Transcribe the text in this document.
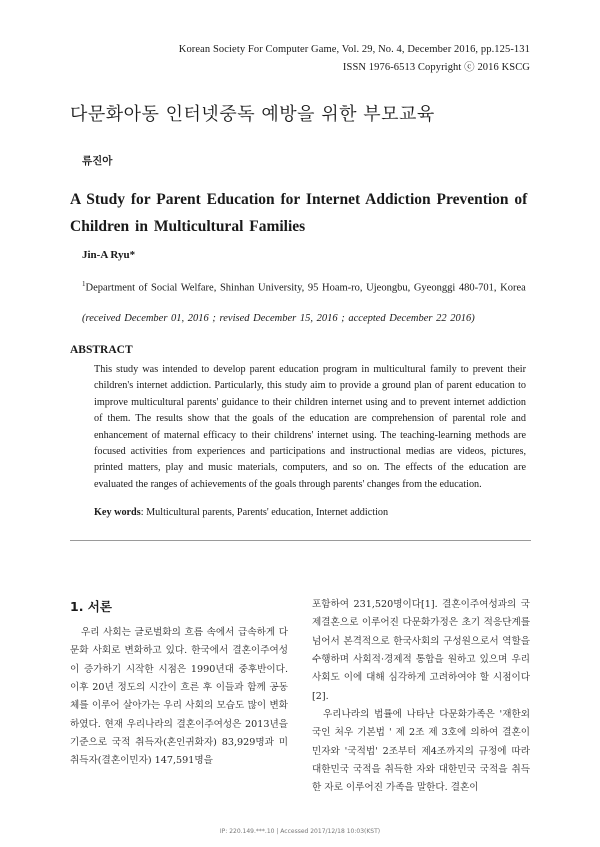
Korean Society For Computer Game, Vol. 29, No. 4, December 2016, pp.125-131
ISSN 1976-6513 Copyright ⓒ 2016 KSCG
다문화아동 인터넷중독 예방을 위한 부모교육
류진아
A Study for Parent Education for Internet Addiction Prevention of Children in Multicultural Families
Jin-A Ryu*
$^1$Department of Social Welfare, Shinhan University, 95 Hoam-ro, Ujeongbu, Gyeonggi 480-701, Korea
(received December 01, 2016 ; revised December 15, 2016 ; accepted December 22 2016)
ABSTRACT
This study was intended to develop parent education program in multicultural family to prevent their children's internet addiction. Particularly, this study aim to provide a ground plan of parent education to improve multicultural parents' guidance to their children internet using and to prevent internet addiction of them. The results show that the goals of the education are comprehension of parental role and enhancement of maternal efficacy to their childrens' internet using. The teaching-learning methods are focused activities from experiences and participations and instructional medias are videos, pictures, printed matters, play and music materials, computers, and so on. The effects of the education are evaluated the ranges of achievements of the goals through parents' changes from the education.
Key words: Multicultural parents, Parents' education, Internet addiction
1. 서론

우리 사회는 글로벌화의 흐름 속에서 급속하게 다문화 사회로 변화하고 있다. 한국에서 결혼이주여성이 증가하기 시작한 시점은 1990년대 중후반이다. 이후 20년 정도의 시간이 흐른 후 이들과 함께 공동체를 이루어 살아가는 우리 사회의 모습도 많이 변화하였다. 현재 우리나라의 결혼이주여성은 2013년을 기준으로 국적 취득자(혼인귀화자) 83,929명과 미취득자(결혼이민자) 147,591명을

포함하여 231,520명이다[1]. 결혼이주여성과의 국제결혼으로 이루어진 다문화가정은 초기 적응단계를 넘어서 본격적으로 한국사회의 구성원으로서 역할을 수행하며 사회적·경제적 통합을 원하고 있으며 우리사회도 이에 대해 심각하게 고려하여야 할 시점이다[2].

우리나라의 법률에 나타난 다문화가족은 '재한외국인 처우 기본법 ' 제 2조 제 3호에 의하여 결혼이민자와 '국적법' 2조부터 제4조까지의 규정에 따라 대한민국 국적을 취득한 자와 대한민국 국적을 취득한 자로 이루어진 가족을 말한다. 결혼이

IP: 220.149.***.10 | Accessed 2017/12/18 10:03(KST)
